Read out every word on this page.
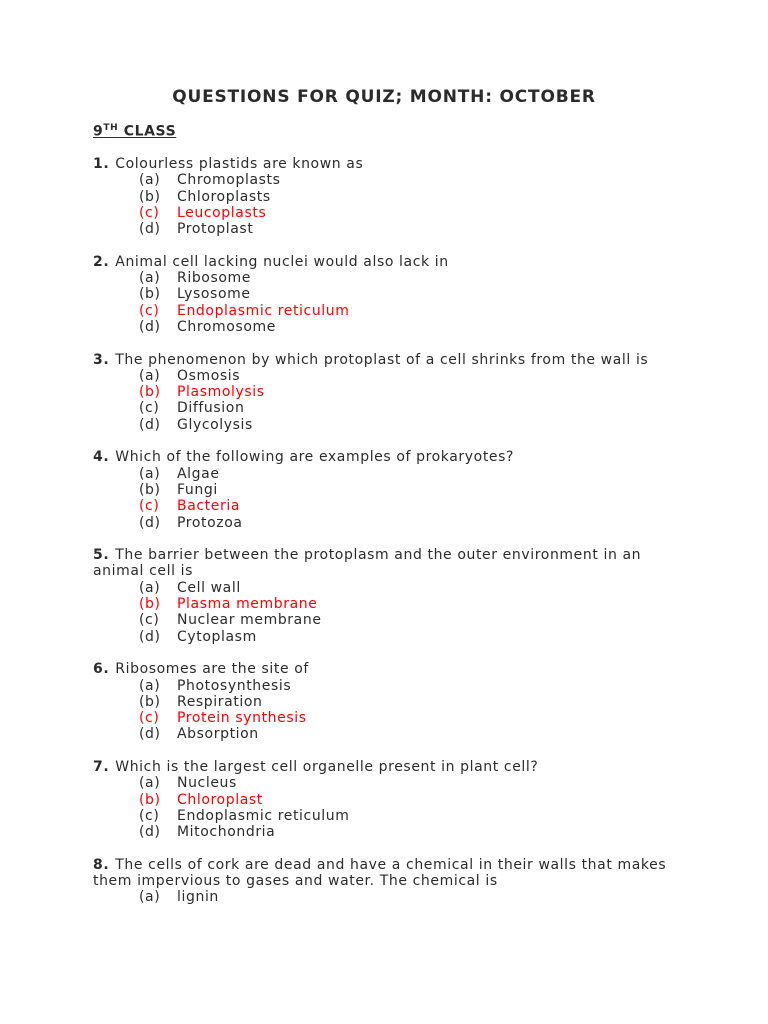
QUESTIONS FOR QUIZ; MONTH: OCTOBER
9TH CLASS

1. Colourless plastids are known as

(a) Chromoplasts
(b) Chloroplasts
(c) Leucoplasts
(d) Protoplast

2. Animal cell lacking nuclei would also lack in

(a) Ribosome
(b) Lysosome
(c) Endoplasmic reticulum
(d) Chromosome

3. The phenomenon by which protoplast of a cell shrinks from the wall is

(a) Osmosis
(b) Plasmolysis
(c) Diffusion
(d) Glycolysis

4. Which of the following are examples of prokaryotes?

(a) Algae
(b) Fungi
(c) Bacteria
(d) Protozoa

5. The barrier between the protoplasm and the outer environment in an animal cell is

(a) Cell wall
(b) Plasma membrane
(c) Nuclear membrane
(d) Cytoplasm

6. Ribosomes are the site of

(a) Photosynthesis
(b) Respiration
(c) Protein synthesis
(d) Absorption

7. Which is the largest cell organelle present in plant cell?

(a) Nucleus
(b) Chloroplast
(c) Endoplasmic reticulum
(d) Mitochondria

8. The cells of cork are dead and have a chemical in their walls that makes them impervious to gases and water. The chemical is

(a) lignin
